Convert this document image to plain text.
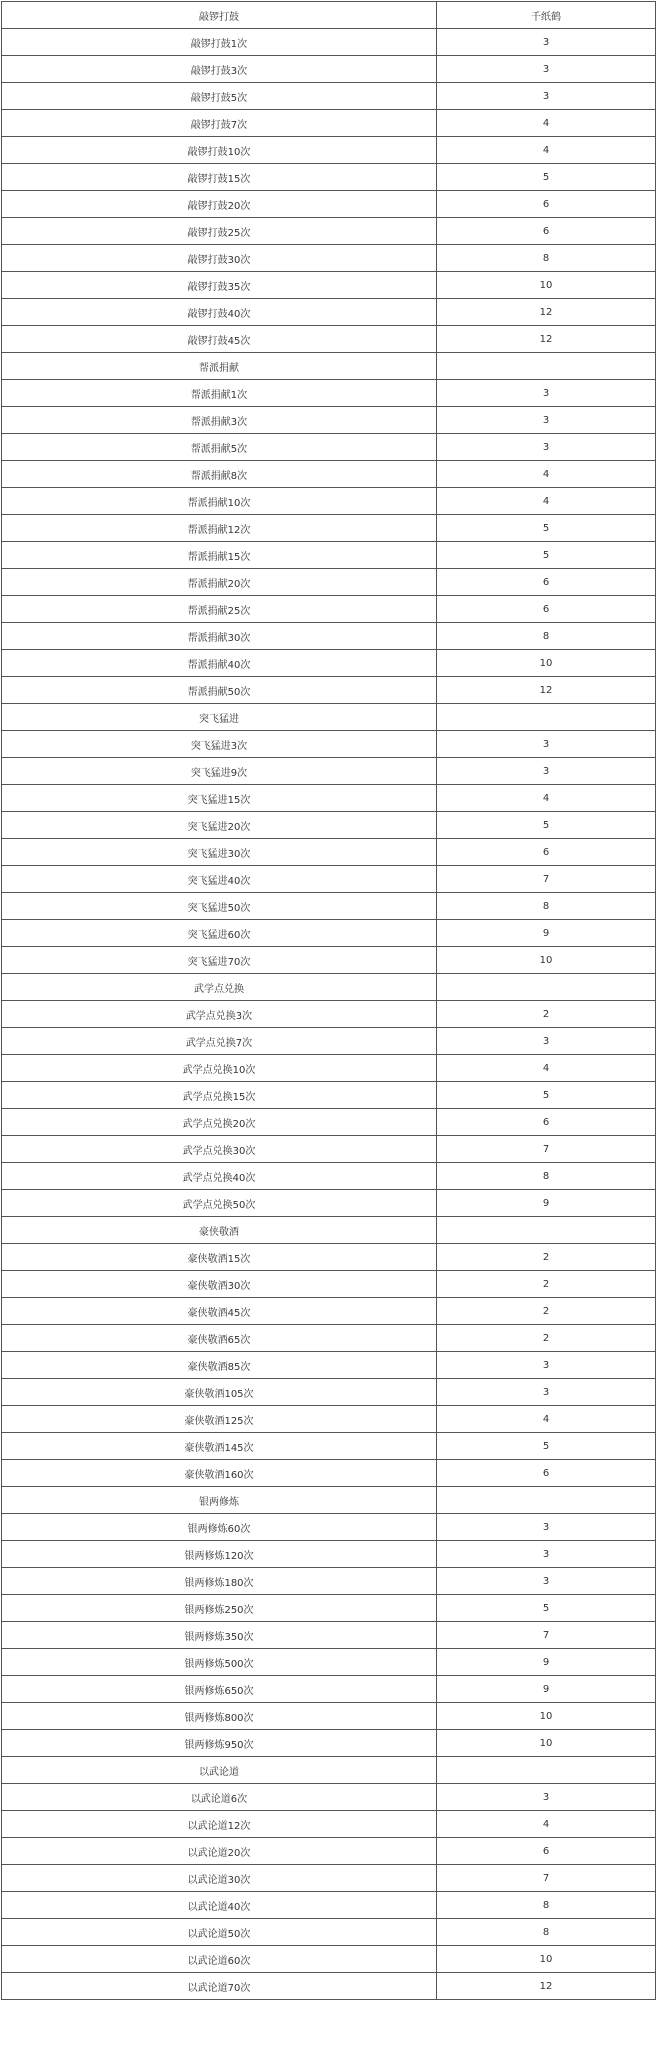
敲锣打鼓	千纸鹤
敲锣打鼓1次	3
敲锣打鼓3次	3
敲锣打鼓5次	3
敲锣打鼓7次	4
敲锣打鼓10次	4
敲锣打鼓15次	5
敲锣打鼓20次	6
敲锣打鼓25次	6
敲锣打鼓30次	8
敲锣打鼓35次	10
敲锣打鼓40次	12
敲锣打鼓45次	12
帮派捐献	
帮派捐献1次	3
帮派捐献3次	3
帮派捐献5次	3
帮派捐献8次	4
帮派捐献10次	4
帮派捐献12次	5
帮派捐献15次	5
帮派捐献20次	6
帮派捐献25次	6
帮派捐献30次	8
帮派捐献40次	10
帮派捐献50次	12
突飞猛进	
突飞猛进3次	3
突飞猛进9次	3
突飞猛进15次	4
突飞猛进20次	5
突飞猛进30次	6
突飞猛进40次	7
突飞猛进50次	8
突飞猛进60次	9
突飞猛进70次	10
武学点兑换	
武学点兑换3次	2
武学点兑换7次	3
武学点兑换10次	4
武学点兑换15次	5
武学点兑换20次	6
武学点兑换30次	7
武学点兑换40次	8
武学点兑换50次	9
豪侠敬酒	
豪侠敬酒15次	2
豪侠敬酒30次	2
豪侠敬酒45次	2
豪侠敬酒65次	2
豪侠敬酒85次	3
豪侠敬酒105次	3
豪侠敬酒125次	4
豪侠敬酒145次	5
豪侠敬酒160次	6
银两修炼	
银两修炼60次	3
银两修炼120次	3
银两修炼180次	3
银两修炼250次	5
银两修炼350次	7
银两修炼500次	9
银两修炼650次	9
银两修炼800次	10
银两修炼950次	10
以武论道	
以武论道6次	3
以武论道12次	4
以武论道20次	6
以武论道30次	7
以武论道40次	8
以武论道50次	8
以武论道60次	10
以武论道70次	12
